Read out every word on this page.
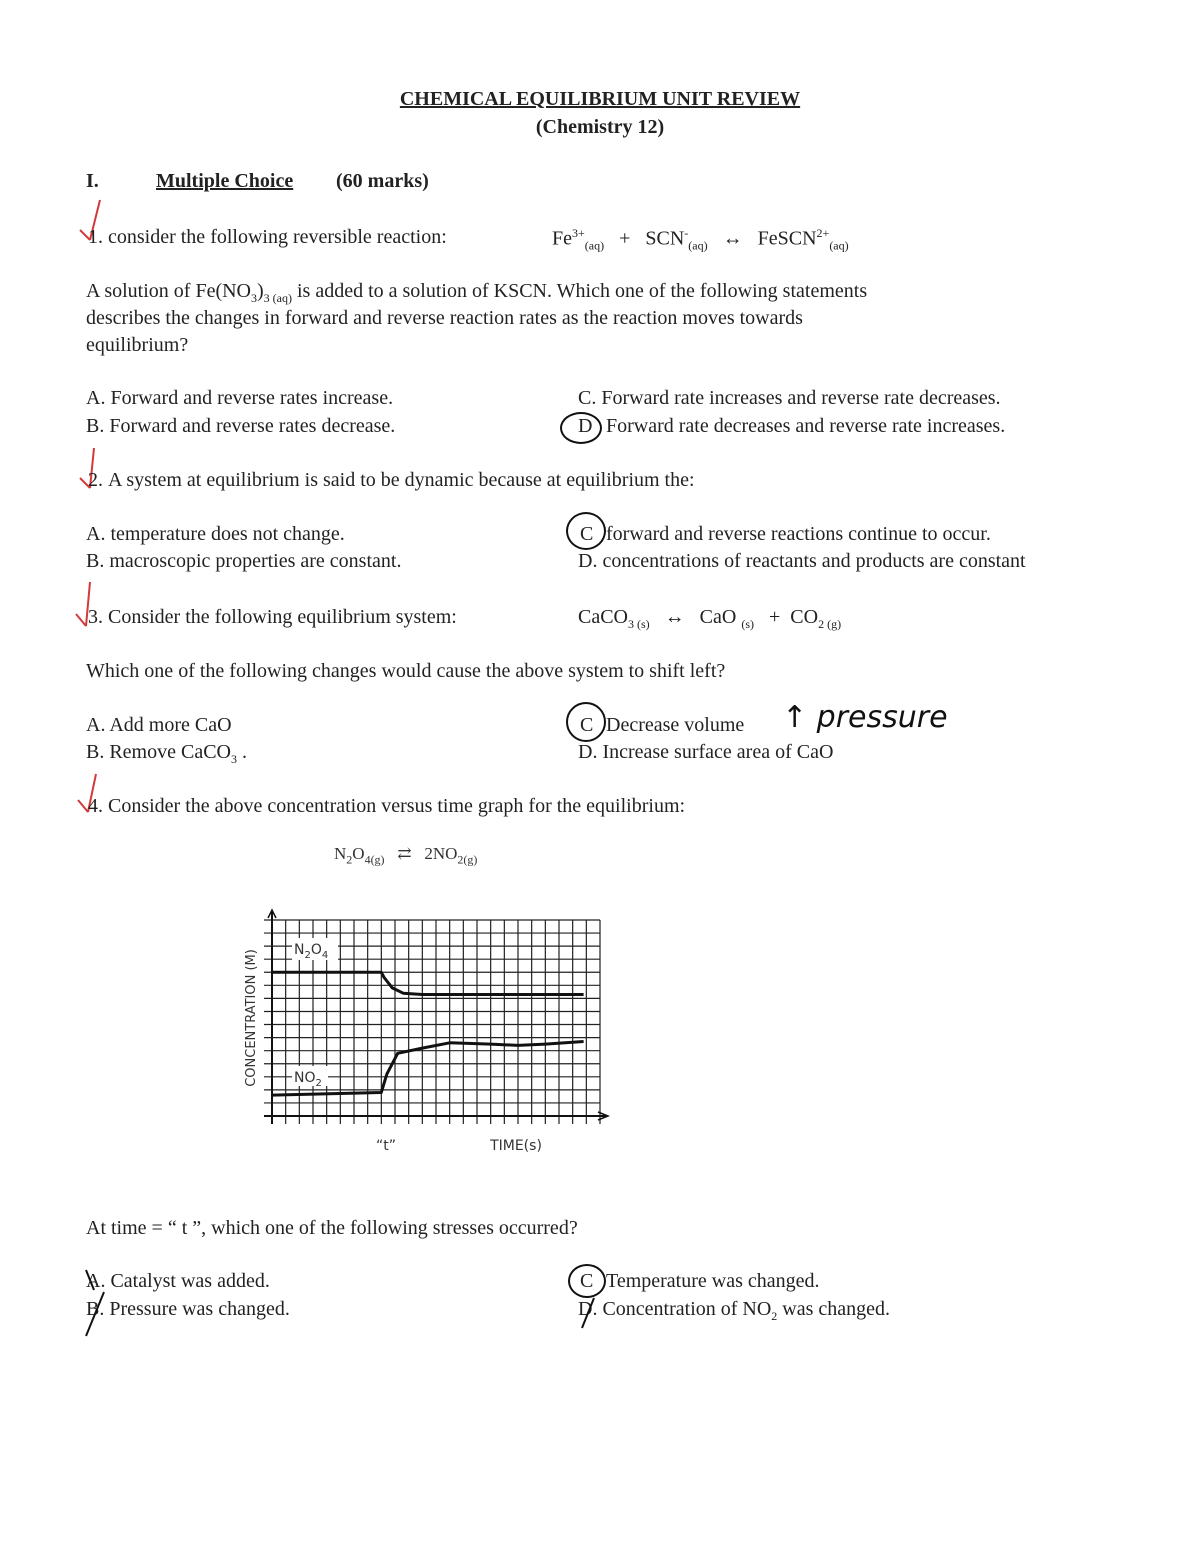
CHEMICAL EQUILIBRIUM UNIT REVIEW
(Chemistry 12)
I.	Multiple Choice (60 marks)
1. consider the following reversible reaction:	$Fe^{3+}_{(aq)} + SCN^-_{(aq)}$ ↔ FeSCN$^{2+}_{(aq)}$
A solution of $Fe(NO_3)_{3 (aq)}$ is added to a solution of KSCN. Which one of the following statements
describes the changes in forward and reverse reaction rates as the reaction moves towards
equilibrium?
A. Forward and reverse rates increase.
B. Forward and reverse rates decrease.
C. Forward rate increases and reverse rate decreases.
D Forward rate decreases and reverse rate increases.
2. A system at equilibrium is said to be dynamic because at equilibrium the:
A. temperature does not change.
B. macroscopic properties are constant.
C forward and reverse reactions continue to occur.
D. concentrations of reactants and products are constant
3. Consider the following equilibrium system:	CaCO$_{3 (s)}$ ↔ CaO $_{(s)} + CO_{2 (g)}$
Which one of the following changes would cause the above system to shift left?
A. Add more CaO
B. Remove CaCO$_3$ .
C Decrease volume ↑ pressure
D. Increase surface area of CaO
4. Consider the above concentration versus time graph for the equilibrium:
$N_2O_{4(g)}$ ⇄ $2NO_{2(g)}$
CONCENTRATION (M)
“t”	TIME(s)
$N_2O_4$
$NO_2$
At time = “ t ”, which one of the following stresses occurred?
A. Catalyst was added.
B. Pressure was changed.
C Temperature was changed.
D. Concentration of $NO_2$ was changed.
